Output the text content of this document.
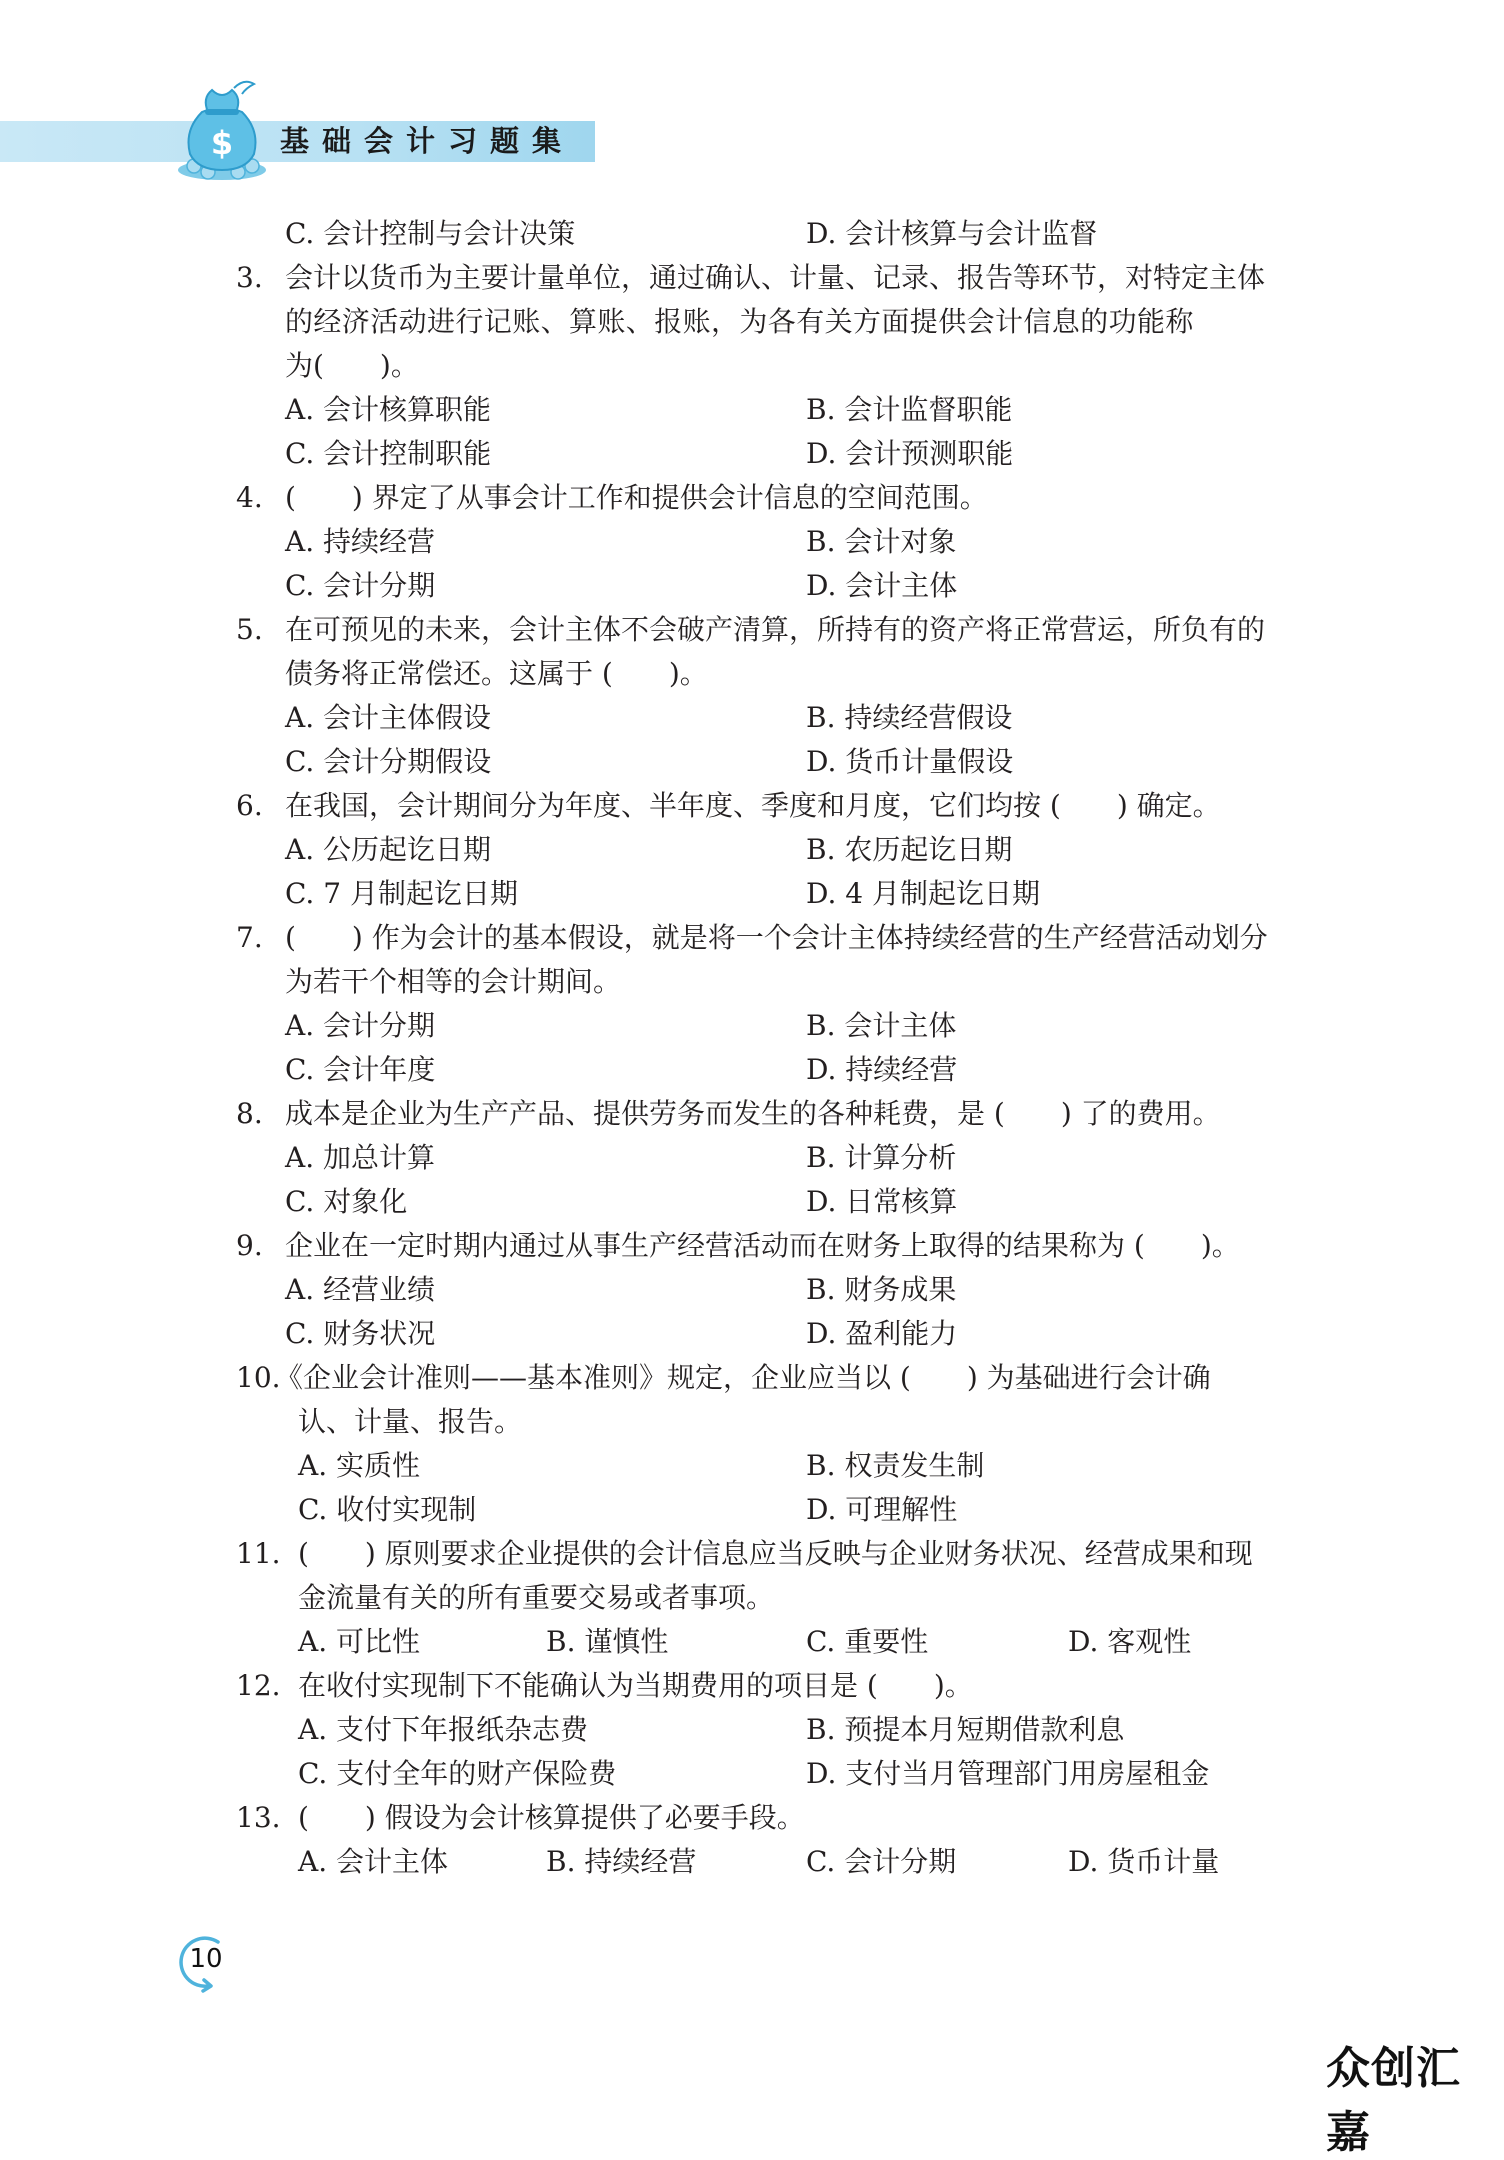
$ 基础会计习题集
C. 会计控制与会计决策	D. 会计核算与会计监督
3. 会计以货币为主要计量单位，通过确认、计量、记录、报告等环节，对特定主体
的经济活动进行记账、算账、报账，为各有关方面提供会计信息的功能称
为(　　)。
A. 会计核算职能	B. 会计监督职能
C. 会计控制职能	D. 会计预测职能
4. (　　) 界定了从事会计工作和提供会计信息的空间范围。
A. 持续经营	B. 会计对象
C. 会计分期	D. 会计主体
5. 在可预见的未来，会计主体不会破产清算，所持有的资产将正常营运，所负有的
债务将正常偿还。这属于 (　　)。
A. 会计主体假设	B. 持续经营假设
C. 会计分期假设	D. 货币计量假设
6. 在我国，会计期间分为年度、半年度、季度和月度，它们均按 (　　) 确定。
A. 公历起讫日期	B. 农历起讫日期
C. 7 月制起讫日期	D. 4 月制起讫日期
7. (　　) 作为会计的基本假设，就是将一个会计主体持续经营的生产经营活动划分
为若干个相等的会计期间。
A. 会计分期	B. 会计主体
C. 会计年度	D. 持续经营
8. 成本是企业为生产产品、提供劳务而发生的各种耗费，是 (　　) 了的费用。
A. 加总计算	B. 计算分析
C. 对象化	D. 日常核算
9. 企业在一定时期内通过从事生产经营活动而在财务上取得的结果称为 (　　)。
A. 经营业绩	B. 财务成果
C. 财务状况	D. 盈利能力
10.
《企业会计准则——基本准则》规定，企业应当以 (　　) 为基础进行会计确
认、计量、报告。
A. 实质性	B. 权责发生制
C. 收付实现制	D. 可理解性
11. (　　) 原则要求企业提供的会计信息应当反映与企业财务状况、经营成果和现
金流量有关的所有重要交易或者事项。
A. 可比性	B. 谨慎性	C. 重要性	D. 客观性
12. 在收付实现制下不能确认为当期费用的项目是 (　　)。
A. 支付下年报纸杂志费	B. 预提本月短期借款利息
C. 支付全年的财产保险费	D. 支付当月管理部门用房屋租金
13. (　　) 假设为会计核算提供了必要手段。
A. 会计主体	B. 持续经营	C. 会计分期	D. 货币计量
10
众创汇嘉
